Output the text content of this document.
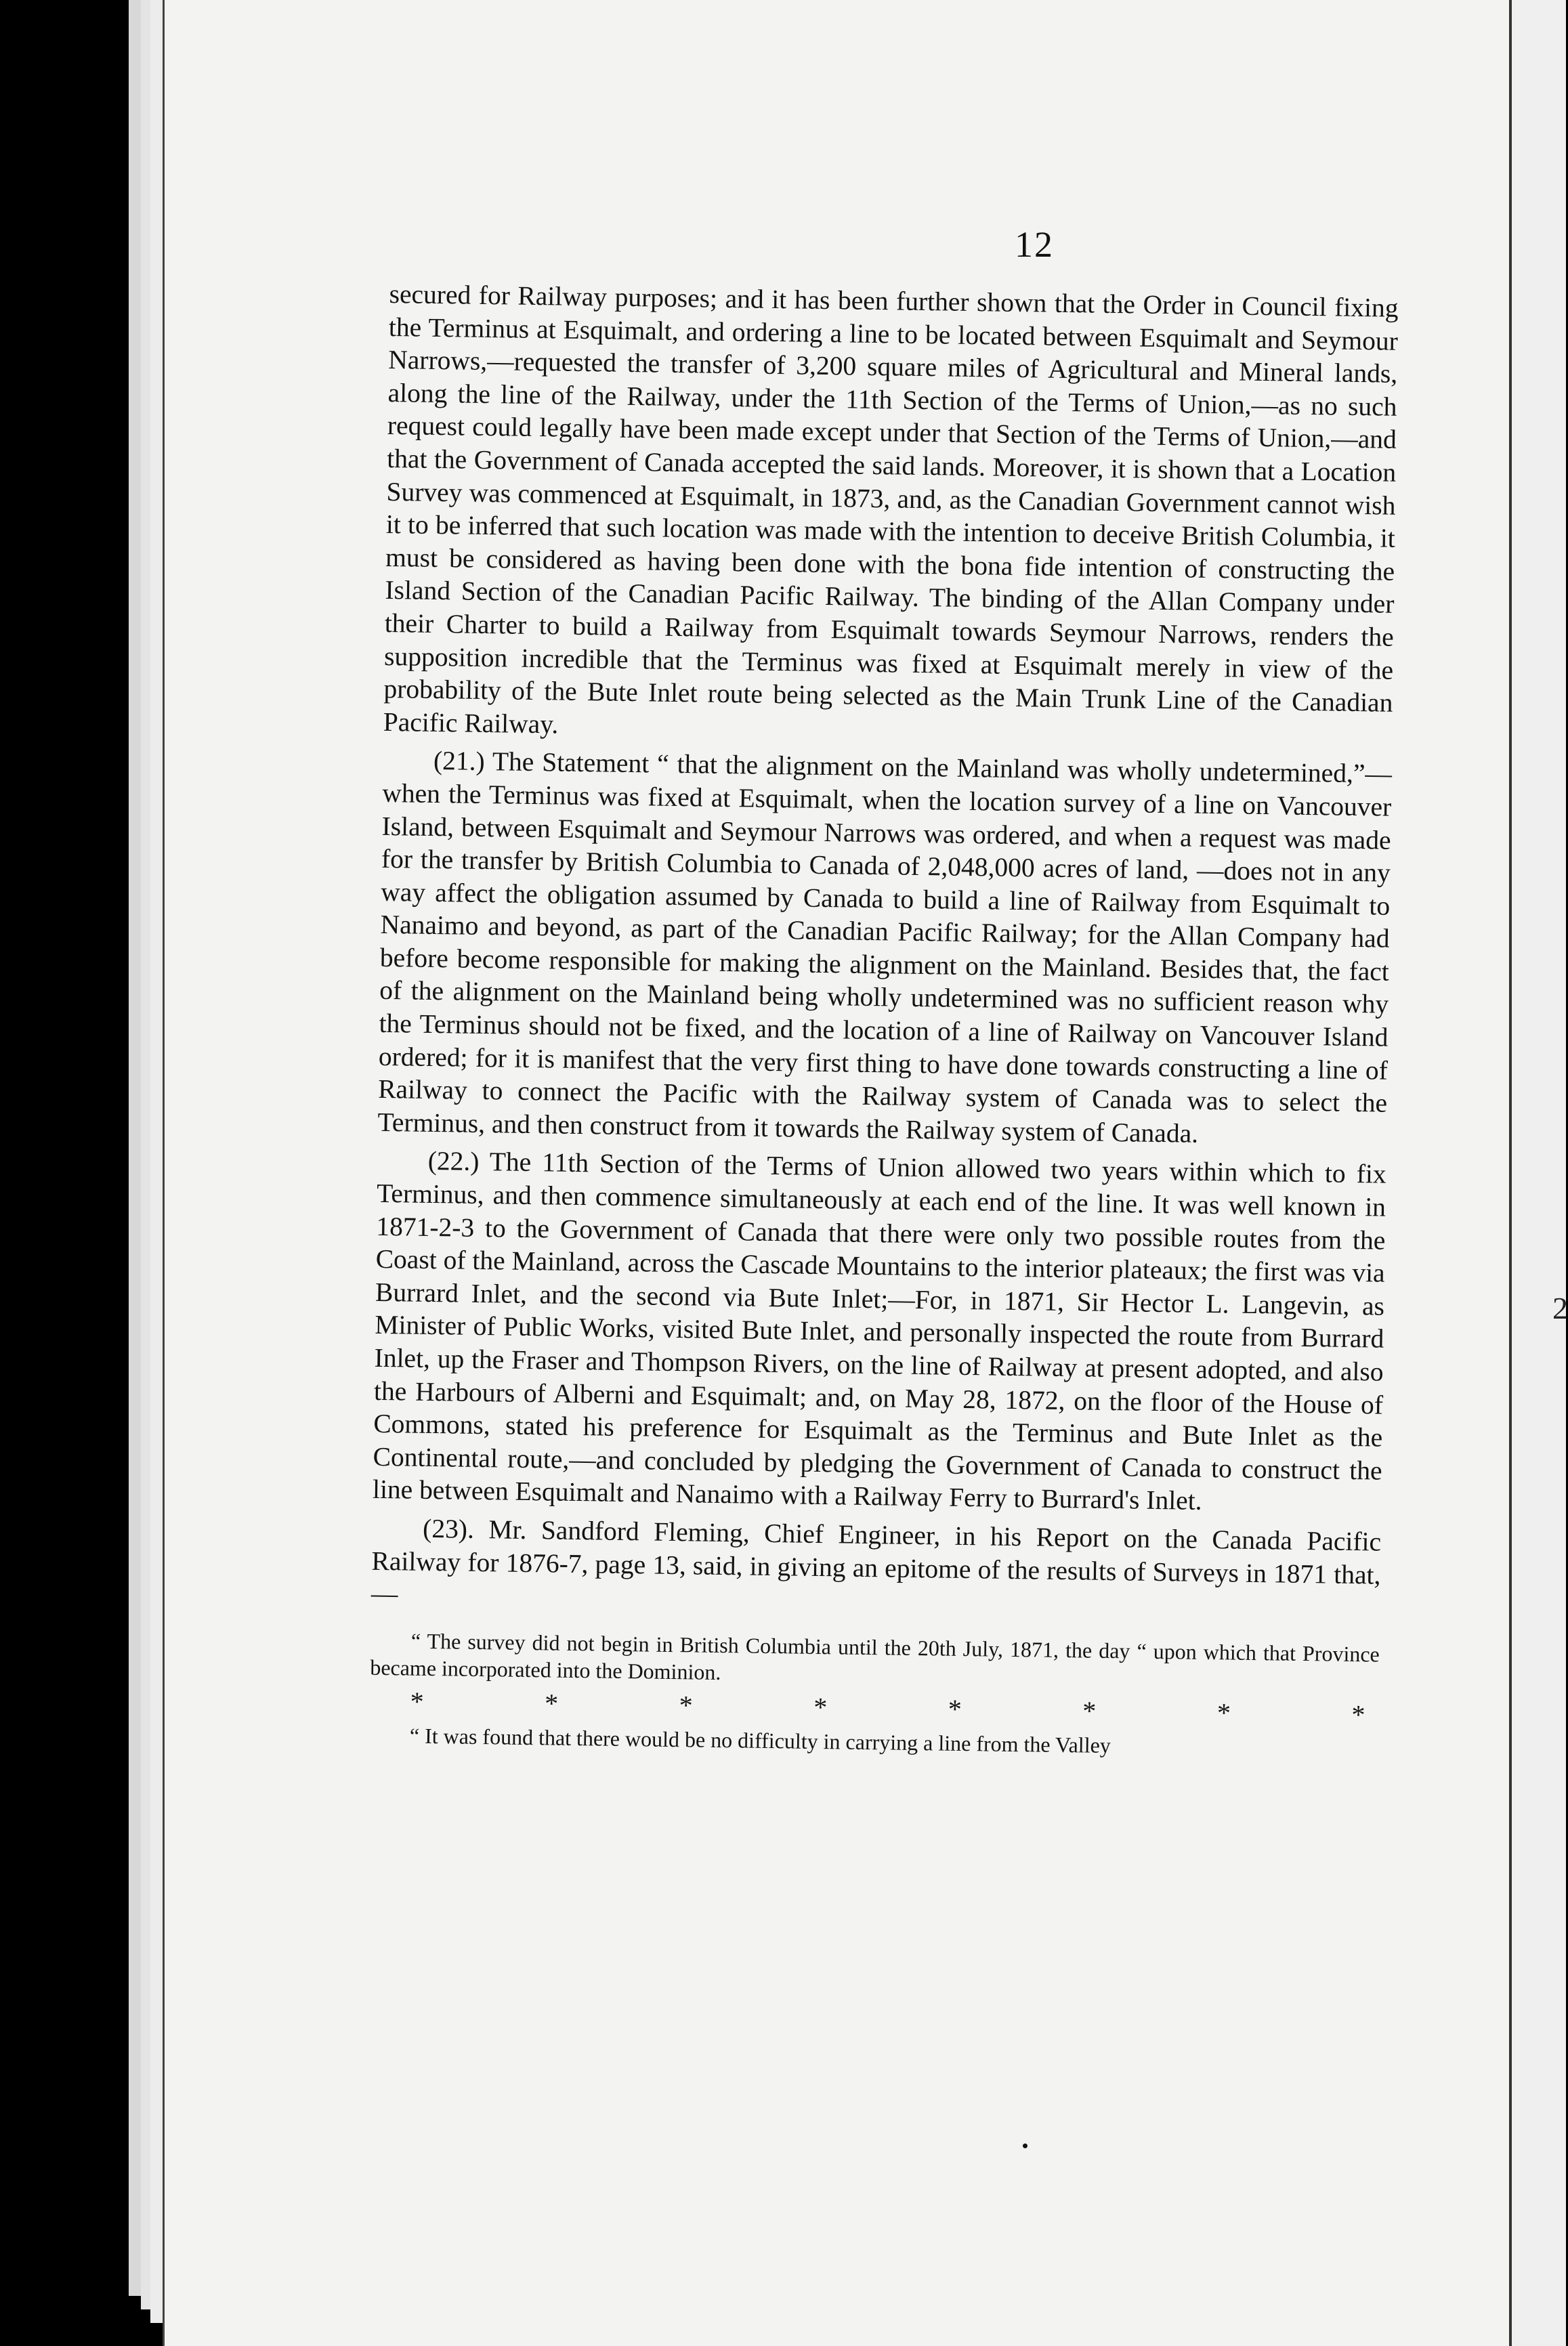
12

secured for Railway purposes; and it has been further shown that the Order in Council fixing the Terminus at Esquimalt, and ordering a line to be located between Esquimalt and Seymour Narrows,—requested the transfer of 3,200 square miles of Agricultural and Mineral lands, along the line of the Railway, under the 11th Section of the Terms of Union,—as no such request could legally have been made except under that Section of the Terms of Union,—and that the Government of Canada accepted the said lands. Moreover, it is shown that a Location Survey was commenced at Esquimalt, in 1873, and, as the Canadian Government cannot wish it to be inferred that such location was made with the intention to deceive British Columbia, it must be considered as having been done with the bona fide intention of constructing the Island Section of the Canadian Pacific Railway. The binding of the Allan Company under their Charter to build a Railway from Esquimalt towards Seymour Narrows, renders the supposition incredible that the Terminus was fixed at Esquimalt merely in view of the probability of the Bute Inlet route being selected as the Main Trunk Line of the Canadian Pacific Railway.

(21.) The Statement “ that the alignment on the Mainland was wholly undetermined,”—when the Terminus was fixed at Esquimalt, when the location survey of a line on Vancouver Island, between Esquimalt and Seymour Narrows was ordered, and when a request was made for the transfer by British Columbia to Canada of 2,048,000 acres of land, —does not in any way affect the obligation assumed by Canada to build a line of Railway from Esquimalt to Nanaimo and beyond, as part of the Canadian Pacific Railway; for the Allan Company had before become responsible for making the alignment on the Mainland. Besides that, the fact of the alignment on the Mainland being wholly undetermined was no sufficient reason why the Terminus should not be fixed, and the location of a line of Railway on Vancouver Island ordered; for it is manifest that the very first thing to have done towards constructing a line of Railway to connect the Pacific with the Railway system of Canada was to select the Terminus, and then construct from it towards the Railway system of Canada.

(22.) The 11th Section of the Terms of Union allowed two years within which to fix Terminus, and then commence simultaneously at each end of the line. It was well known in 1871-2-3 to the Government of Canada that there were only two possible routes from the Coast of the Mainland, across the Cascade Mountains to the interior plateaux; the first was via Burrard Inlet, and the second via Bute Inlet;—For, in 1871, Sir Hector L. Langevin, as Minister of Public Works, visited Bute Inlet, and personally inspected the route from Burrard Inlet, up the Fraser and Thompson Rivers, on the line of Railway at present adopted, and also the Harbours of Alberni and Esquimalt; and, on May 28, 1872, on the floor of the House of Commons, stated his preference for Esquimalt as the Terminus and Bute Inlet as the Continental route,—and concluded by pledging the Government of Canada to construct the line between Esquimalt and Nanaimo with a Railway Ferry to Burrard's Inlet.

(23). Mr. Sandford Fleming, Chief Engineer, in his Report on the Canada Pacific Railway for 1876-7, page 13, said, in giving an epitome of the results of Surveys in 1871 that,—

“ The survey did not begin in British Columbia until the 20th July, 1871, the day “ upon which that Province became incorporated into the Dominion.

*	*	*	*	*	*	*	*

“ It was found that there would be no difficulty in carrying a line from the Valley

2
